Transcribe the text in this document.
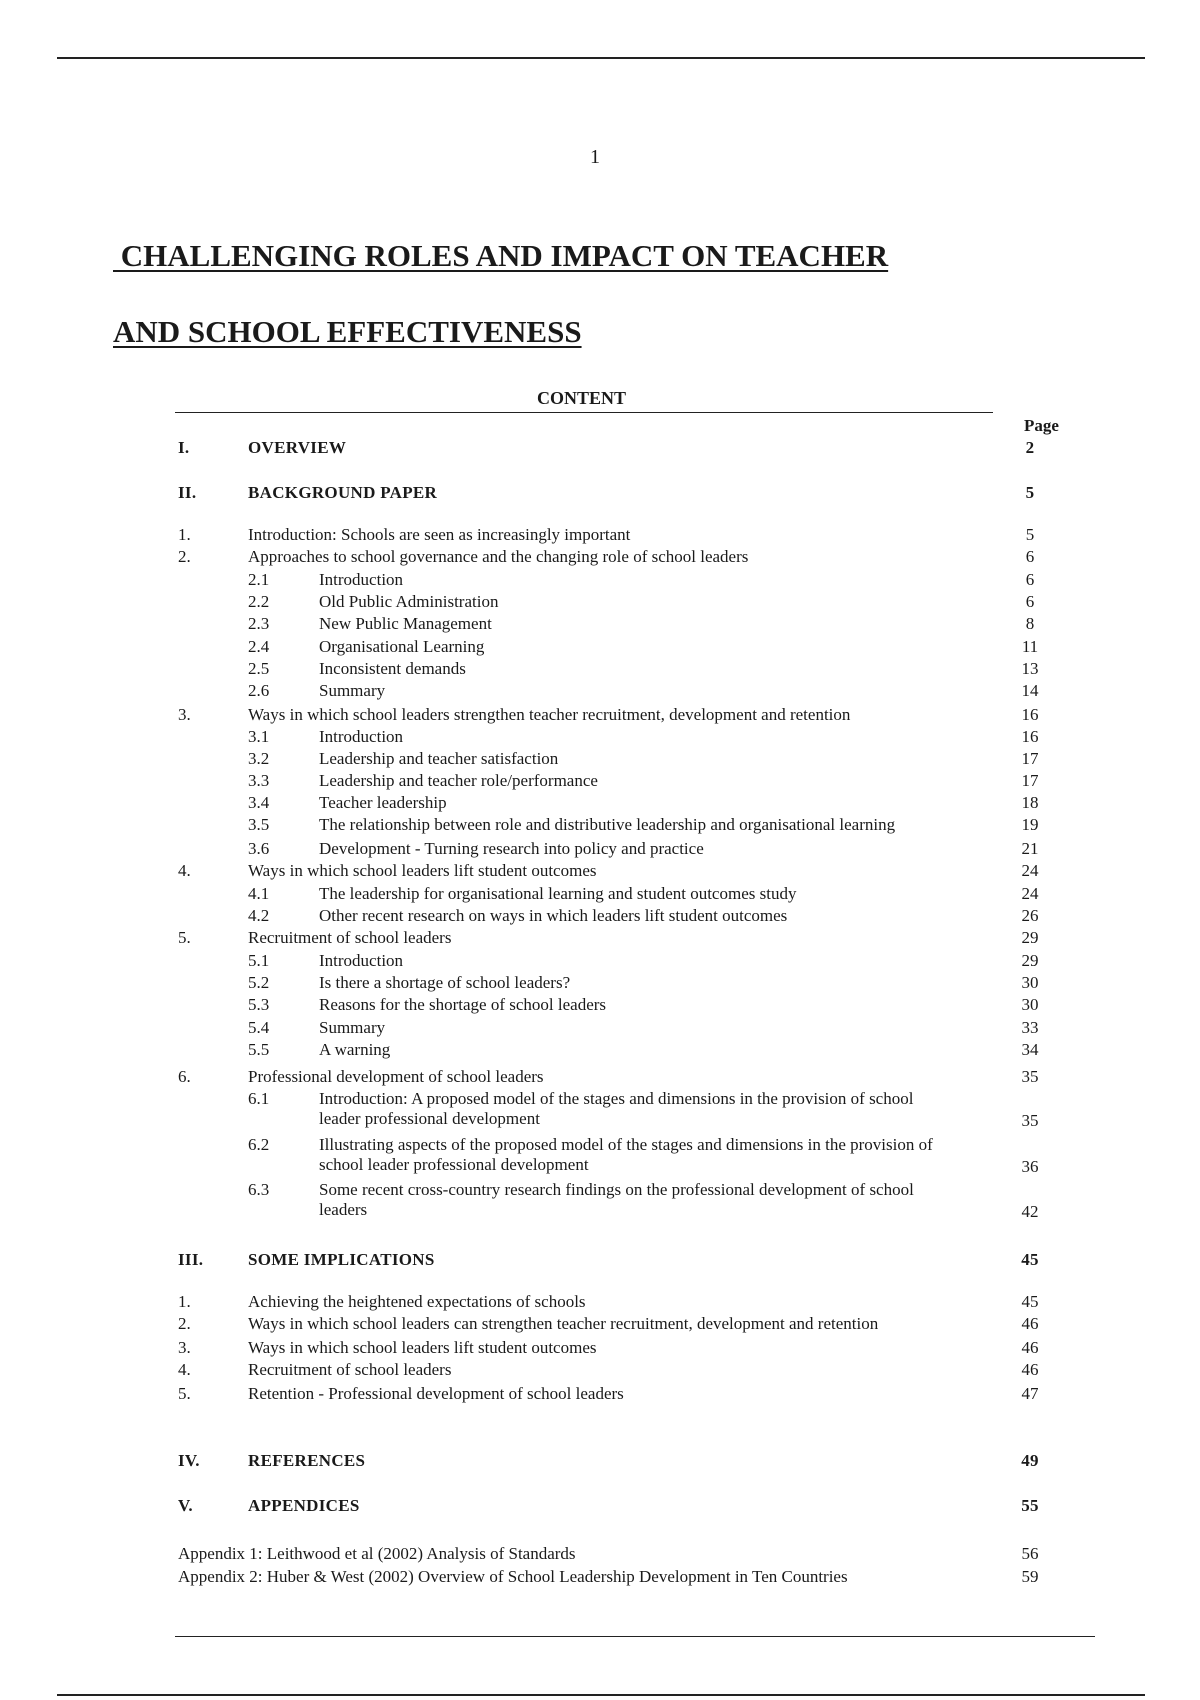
1
CHALLENGING ROLES AND IMPACT ON TEACHER
AND SCHOOL EFFECTIVENESS
CONTENT
Page
I.	OVERVIEW	2
II.	BACKGROUND PAPER	5
1.	Introduction: Schools are seen as increasingly important	5
2.	Approaches to school governance and the changing role of school leaders	6
2.1	Introduction	6
2.2	Old Public Administration	6
2.3	New Public Management	8
2.4	Organisational Learning	11
2.5	Inconsistent demands	13
2.6	Summary	14
3.	Ways in which school leaders strengthen teacher recruitment, development and retention	16
3.1	Introduction	16
3.2	Leadership and teacher satisfaction	17
3.3	Leadership and teacher role/performance	17
3.4	Teacher leadership	18
3.5	The relationship between role and distributive leadership and organisational learning	19
3.6	Development - Turning research into policy and practice	21
4.	Ways in which school leaders lift student outcomes	24
4.1	The leadership for organisational learning and student outcomes study	24
4.2	Other recent research on ways in which leaders lift student outcomes	26
5.	Recruitment of school leaders	29
5.1	Introduction	29
5.2	Is there a shortage of school leaders?	30
5.3	Reasons for the shortage of school leaders	30
5.4	Summary	33
5.5	A warning	34
6.	Professional development of school leaders	35
6.1	Introduction: A proposed model of the stages and dimensions in the provision of school leader professional development	35
6.2	Illustrating aspects of the proposed model of the stages and dimensions in the provision of school leader professional development	36
6.3	Some recent cross-country research findings on the professional development of school leaders	42
III.	SOME IMPLICATIONS	45
1.	Achieving the heightened expectations of schools	45
2.	Ways in which school leaders can strengthen teacher recruitment, development and retention	46
3.	Ways in which school leaders lift student outcomes	46
4.	Recruitment of school leaders	46
5.	Retention - Professional development of school leaders	47
IV.	REFERENCES	49
V.	APPENDICES	55
Appendix 1: Leithwood et al (2002) Analysis of Standards	56
Appendix 2: Huber & West (2002) Overview of School Leadership Development in Ten Countries	59
